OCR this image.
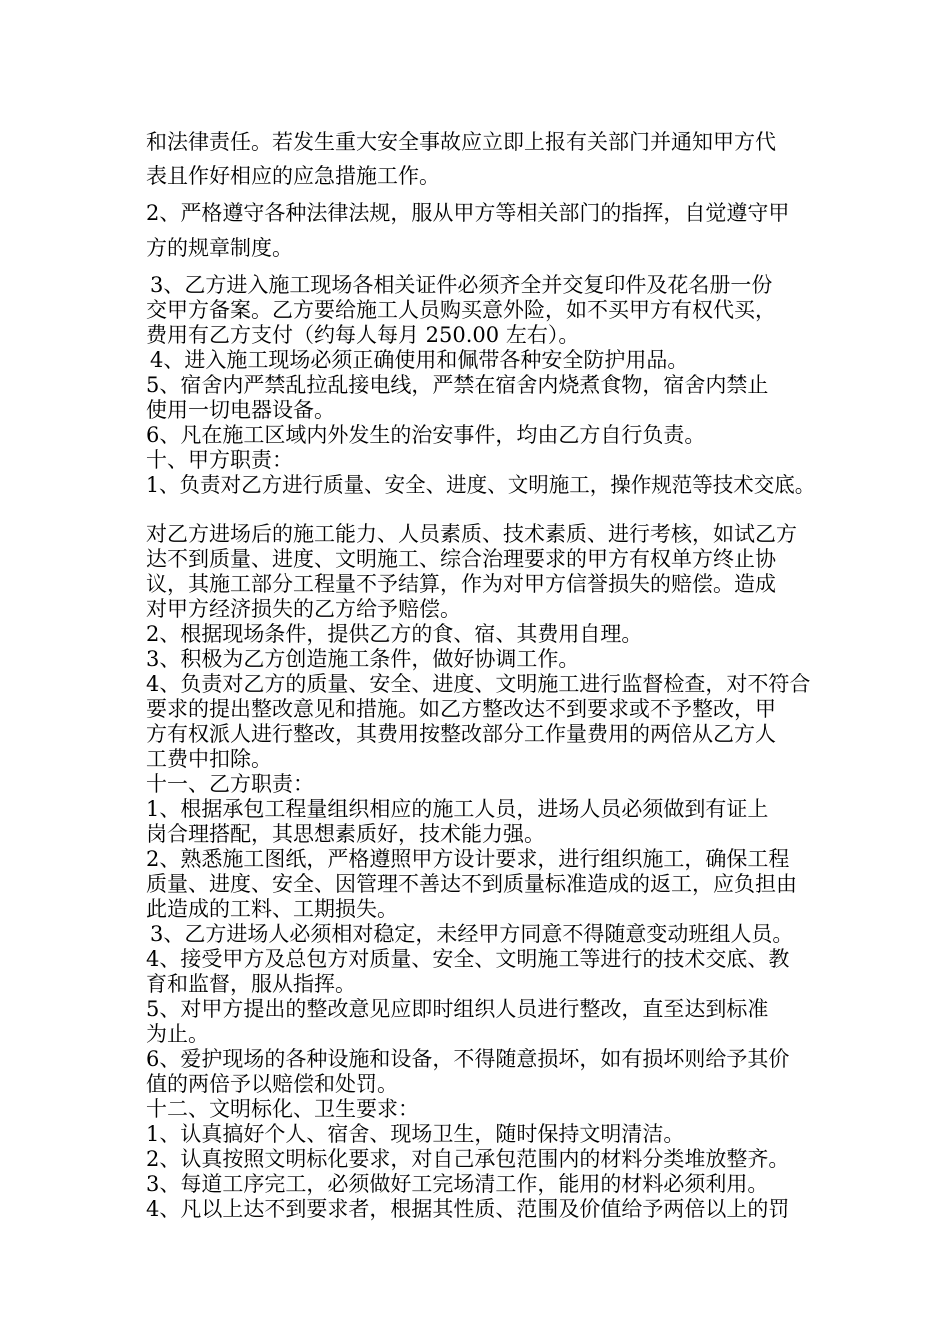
和法律责任。若发生重大安全事故应立即上报有关部门并通知甲方代
表且作好相应的应急措施工作。
2、严格遵守各种法律法规，服从甲方等相关部门的指挥，自觉遵守甲
方的规章制度。
3、乙方进入施工现场各相关证件必须齐全并交复印件及花名册一份
交甲方备案。乙方要给施工人员购买意外险，如不买甲方有权代买，
费用有乙方支付（约每人每月 250.00 左右）。
4、进入施工现场必须正确使用和佩带各种安全防护用品。
5、宿舍内严禁乱拉乱接电线，严禁在宿舍内烧煮食物，宿舍内禁止
使用一切电器设备。
6、凡在施工区域内外发生的治安事件，均由乙方自行负责。
十、甲方职责：
1、负责对乙方进行质量、安全、进度、文明施工，操作规范等技术交底。
对乙方进场后的施工能力、人员素质、技术素质、进行考核，如试乙方
达不到质量、进度、文明施工、综合治理要求的甲方有权单方终止协
议，其施工部分工程量不予结算，作为对甲方信誉损失的赔偿。造成
对甲方经济损失的乙方给予赔偿。
2、根据现场条件，提供乙方的食、宿、其费用自理。
3、积极为乙方创造施工条件，做好协调工作。
4、负责对乙方的质量、安全、进度、文明施工进行监督检查，对不符合
要求的提出整改意见和措施。如乙方整改达不到要求或不予整改，甲
方有权派人进行整改，其费用按整改部分工作量费用的两倍从乙方人
工费中扣除。
十一、乙方职责：
1、根据承包工程量组织相应的施工人员，进场人员必须做到有证上
岗合理搭配，其思想素质好，技术能力强。
2、熟悉施工图纸，严格遵照甲方设计要求，进行组织施工，确保工程
质量、进度、安全、因管理不善达不到质量标准造成的返工，应负担由
此造成的工料、工期损失。
3、乙方进场人必须相对稳定，未经甲方同意不得随意变动班组人员。
4、接受甲方及总包方对质量、安全、文明施工等进行的技术交底、教
育和监督，服从指挥。
5、对甲方提出的整改意见应即时组织人员进行整改，直至达到标准
为止。
6、爱护现场的各种设施和设备，不得随意损坏，如有损坏则给予其价
值的两倍予以赔偿和处罚。
十二、文明标化、卫生要求：
1、认真搞好个人、宿舍、现场卫生，随时保持文明清洁。
2、认真按照文明标化要求，对自己承包范围内的材料分类堆放整齐。
3、每道工序完工，必须做好工完场清工作，能用的材料必须利用。
4、凡以上达不到要求者，根据其性质、范围及价值给予两倍以上的罚
